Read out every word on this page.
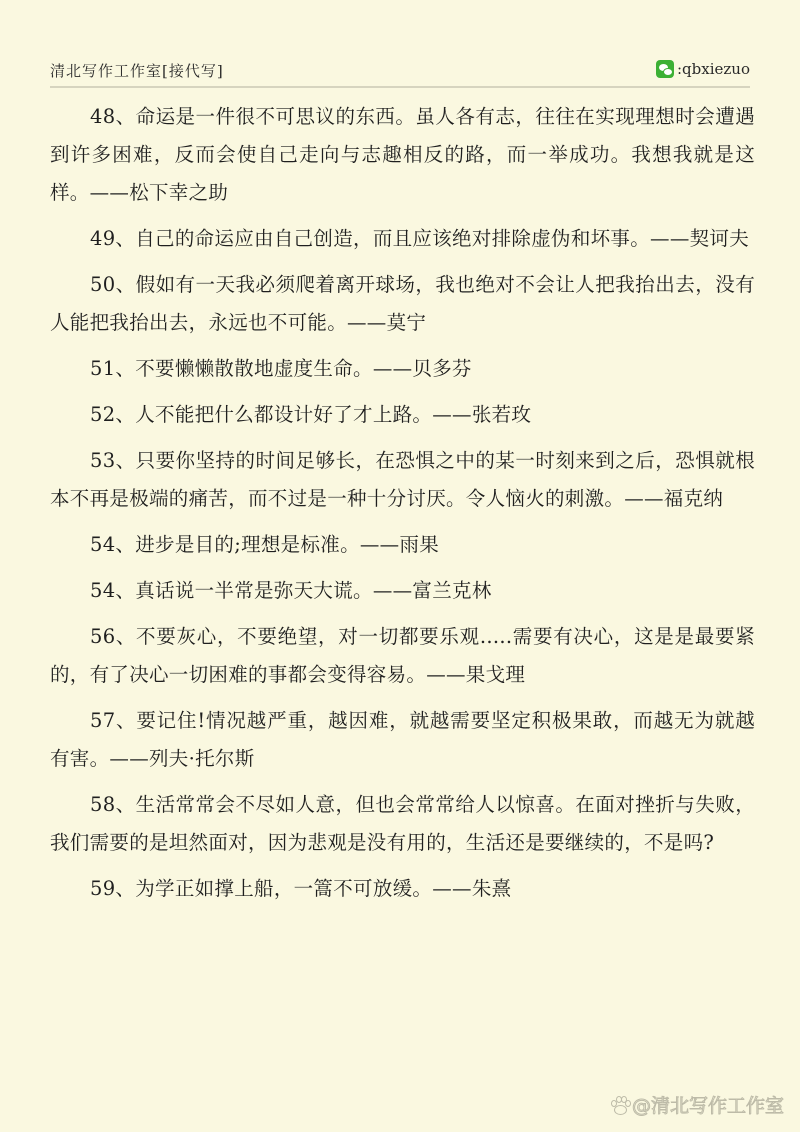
清北写作工作室[接代写]	:qbxiezuo

48、命运是一件很不可思议的东西。虽人各有志，往往在实现理想时会遭遇到许多困难，反而会使自己走向与志趣相反的路，而一举成功。我想我就是这样。——松下幸之助

49、自己的命运应由自己创造，而且应该绝对排除虚伪和坏事。——契诃夫

50、假如有一天我必须爬着离开球场，我也绝对不会让人把我抬出去，没有人能把我抬出去，永远也不可能。——莫宁

51、不要懒懒散散地虚度生命。——贝多芬

52、人不能把什么都设计好了才上路。——张若玫

53、只要你坚持的时间足够长，在恐惧之中的某一时刻来到之后，恐惧就根本不再是极端的痛苦，而不过是一种十分讨厌。令人恼火的刺激。——福克纳

54、进步是目的;理想是标准。——雨果

54、真话说一半常是弥天大谎。——富兰克林

56、不要灰心，不要绝望，对一切都要乐观.....需要有决心，这是是最要紧的，有了决心一切困难的事都会变得容易。——果戈理

57、要记住!情况越严重，越因难，就越需要坚定积极果敢，而越无为就越有害。——列夫·托尔斯

58、生活常常会不尽如人意，但也会常常给人以惊喜。在面对挫折与失败，我们需要的是坦然面对，因为悲观是没有用的，生活还是要继续的，不是吗?

59、为学正如撑上船，一篙不可放缓。——朱熹

@清北写作工作室
